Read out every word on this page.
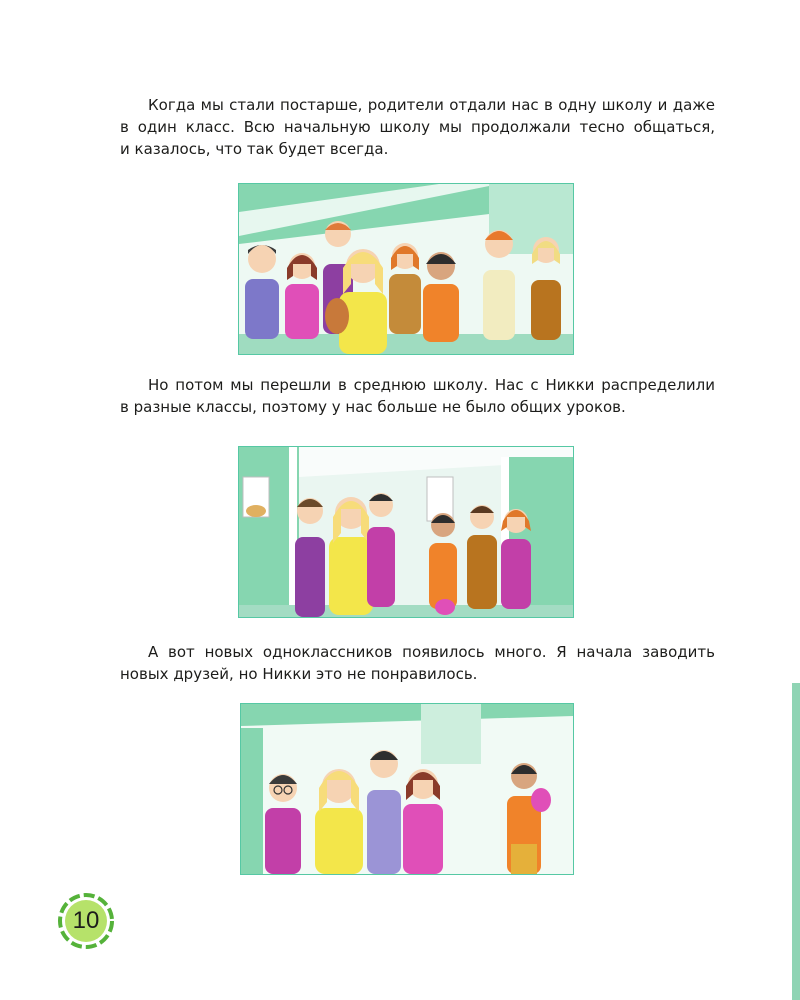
Когда мы стали постарше, родители отдали нас в одну школу и даже
в один класс. Всю начальную школу мы продолжали тесно общаться,
и казалось, что так будет всегда.

Но потом мы перешли в среднюю школу. Нас с Никки распределили
в разные классы, поэтому у нас больше не было общих уроков.

А вот новых одноклассников появилось много. Я начала заводить
новых друзей, но Никки это не понравилось.

10
